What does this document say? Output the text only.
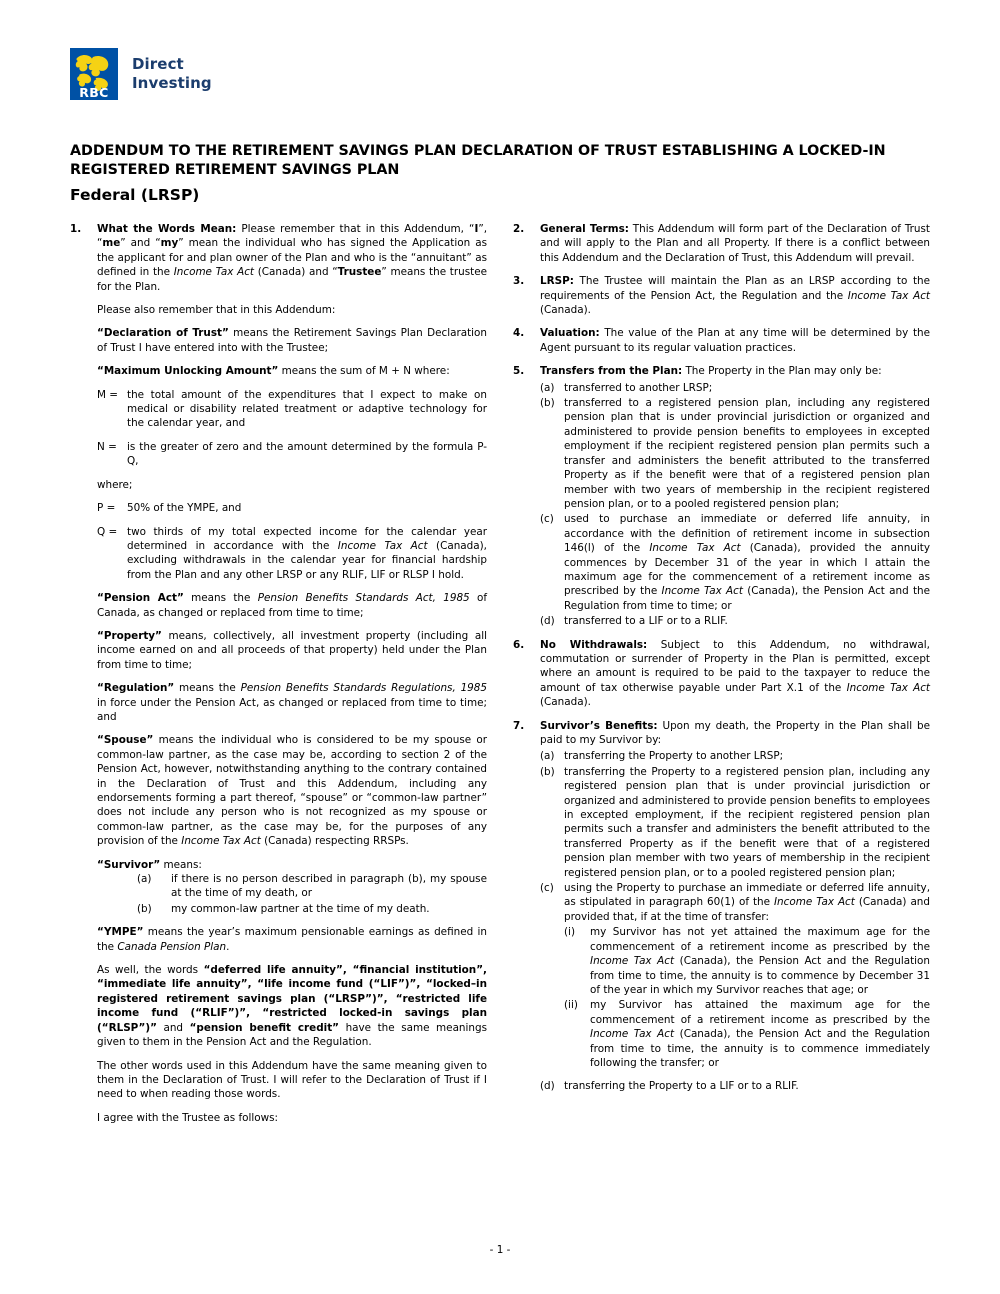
RBC
Direct
Investing
ADDENDUM TO THE RETIREMENT SAVINGS PLAN DECLARATION OF TRUST ESTABLISHING A LOCKED-IN REGISTERED RETIREMENT SAVINGS PLAN
Federal (LRSP)
1.	What the Words Mean: Please remember that in this Addendum, “I”, “me” and “my” mean the individual who has signed the Application as the applicant for and plan owner of the Plan and who is the “annuitant” as defined in the Income Tax Act (Canada) and “Trustee” means the trustee for the Plan.
Please also remember that in this Addendum:
“Declaration of Trust” means the Retirement Savings Plan Declaration of Trust I have entered into with the Trustee;
“Maximum Unlocking Amount” means the sum of M + N where:
M = the total amount of the expenditures that I expect to make on medical or disability related treatment or adaptive technology for the calendar year, and
N = is the greater of zero and the amount determined by the formula P-Q,
where;
P =	50% of the YMPE, and
Q = two thirds of my total expected income for the calendar year determined in accordance with the Income Tax Act (Canada), excluding withdrawals in the calendar year for financial hardship from the Plan and any other LRSP or any RLIF, LIF or RLSP I hold.
“Pension Act” means the Pension Benefits Standards Act, 1985 of Canada, as changed or replaced from time to time;
“Property” means, collectively, all investment property (including all income earned on and all proceeds of that property) held under the Plan from time to time;
“Regulation” means the Pension Benefits Standards Regulations, 1985 in force under the Pension Act, as changed or replaced from time to time; and
“Spouse” means the individual who is considered to be my spouse or common-law partner, as the case may be, according to section 2 of the Pension Act, however, notwithstanding anything to the contrary contained in the Declaration of Trust and this Addendum, including any endorsements forming a part thereof, “spouse” or “common-law partner” does not include any person who is not recognized as my spouse or common-law partner, as the case may be, for the purposes of any provision of the Income Tax Act (Canada) respecting RRSPs.
“Survivor” means:
(a)	if there is no person described in paragraph (b), my spouse at the time of my death, or
(b)	my common-law partner at the time of my death.
“YMPE” means the year’s maximum pensionable earnings as defined in the Canada Pension Plan.
As well, the words “deferred life annuity”, “financial institution”, “immediate life annuity”, “life income fund (“LIF”)”, “locked–in registered retirement savings plan (“LRSP”)”, “restricted life income fund (“RLIF”)”, “restricted locked-in savings plan (“RLSP”)” and “pension benefit credit” have the same meanings given to them in the Pension Act and the Regulation.
The other words used in this Addendum have the same meaning given to them in the Declaration of Trust. I will refer to the Declaration of Trust if I need to when reading those words.
I agree with the Trustee as follows:
2.	General Terms: This Addendum will form part of the Declaration of Trust and will apply to the Plan and all Property. If there is a conflict between this Addendum and the Declaration of Trust, this Addendum will prevail.
3.	LRSP: The Trustee will maintain the Plan as an LRSP according to the requirements of the Pension Act, the Regulation and the Income Tax Act (Canada).
4.	Valuation: The value of the Plan at any time will be determined by the Agent pursuant to its regular valuation practices.
5.	Transfers from the Plan: The Property in the Plan may only be:
(a) transferred to another LRSP;
(b) transferred to a registered pension plan, including any registered pension plan that is under provincial jurisdiction or organized and administered to provide pension benefits to employees in excepted employment if the recipient registered pension plan permits such a transfer and administers the benefit attributed to the transferred Property as if the benefit were that of a registered pension plan member with two years of membership in the recipient registered pension plan, or to a pooled registered pension plan;
(c) used to purchase an immediate or deferred life annuity, in accordance with the definition of retirement income in subsection 146(l) of the Income Tax Act (Canada), provided the annuity commences by December 31 of the year in which I attain the maximum age for the commencement of a retirement income as prescribed by the Income Tax Act (Canada), the Pension Act and the Regulation from time to time; or
(d) transferred to a LIF or to a RLIF.
6.	No Withdrawals: Subject to this Addendum, no withdrawal, commutation or surrender of Property in the Plan is permitted, except where an amount is required to be paid to the taxpayer to reduce the amount of tax otherwise payable under Part X.1 of the Income Tax Act (Canada).
7.	Survivor’s Benefits: Upon my death, the Property in the Plan shall be paid to my Survivor by:
(a) transferring the Property to another LRSP;
(b) transferring the Property to a registered pension plan, including any registered pension plan that is under provincial jurisdiction or organized and administered to provide pension benefits to employees in excepted employment, if the recipient registered pension plan permits such a transfer and administers the benefit attributed to the transferred Property as if the benefit were that of a registered pension plan member with two years of membership in the recipient registered pension plan, or to a pooled registered pension plan;
(c) using the Property to purchase an immediate or deferred life annuity, as stipulated in paragraph 60(1) of the Income Tax Act (Canada) and provided that, if at the time of transfer:
(i)	my Survivor has not yet attained the maximum age for the commencement of a retirement income as prescribed by the Income Tax Act (Canada), the Pension Act and the Regulation from time to time, the annuity is to commence by December 31 of the year in which my Survivor reaches that age; or
(ii)	my Survivor has attained the maximum age for the commencement of a retirement income as prescribed by the Income Tax Act (Canada), the Pension Act and the Regulation from time to time, the annuity is to commence immediately following the transfer; or
(d) transferring the Property to a LIF or to a RLIF.
- 1 -
